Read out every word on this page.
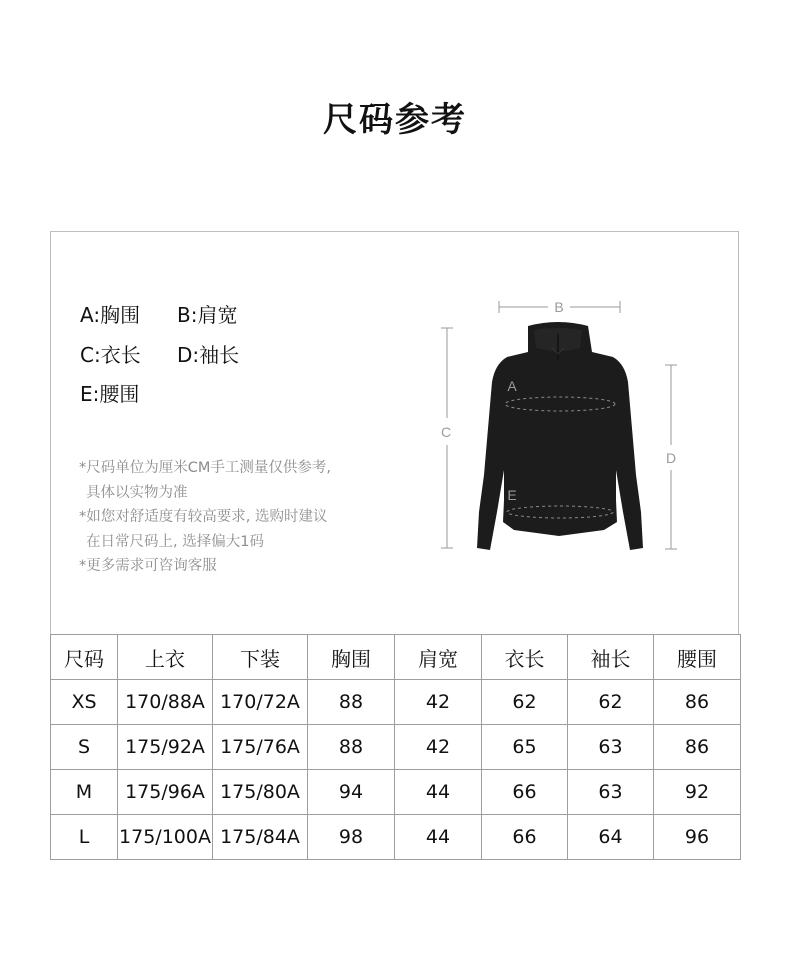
尺码参考
A:胸围 B:肩宽
C:衣长 D:袖长
E:腰围
*尺码单位为厘米CM手工测量仅供参考,
具体以实物为准
*如您对舒适度有较高要求, 选购时建议
在日常尺码上, 选择偏大1码
*更多需求可咨询客服
B
C
D
A
E
尺码	上衣	下装	胸围	肩宽	衣长	袖长	腰围
XS	170/88A	170/72A	88	42	62	62	86
S	175/92A	175/76A	88	42	65	63	86
M	175/96A	175/80A	94	44	66	63	92
L	175/100A	175/84A	98	44	66	64	96
